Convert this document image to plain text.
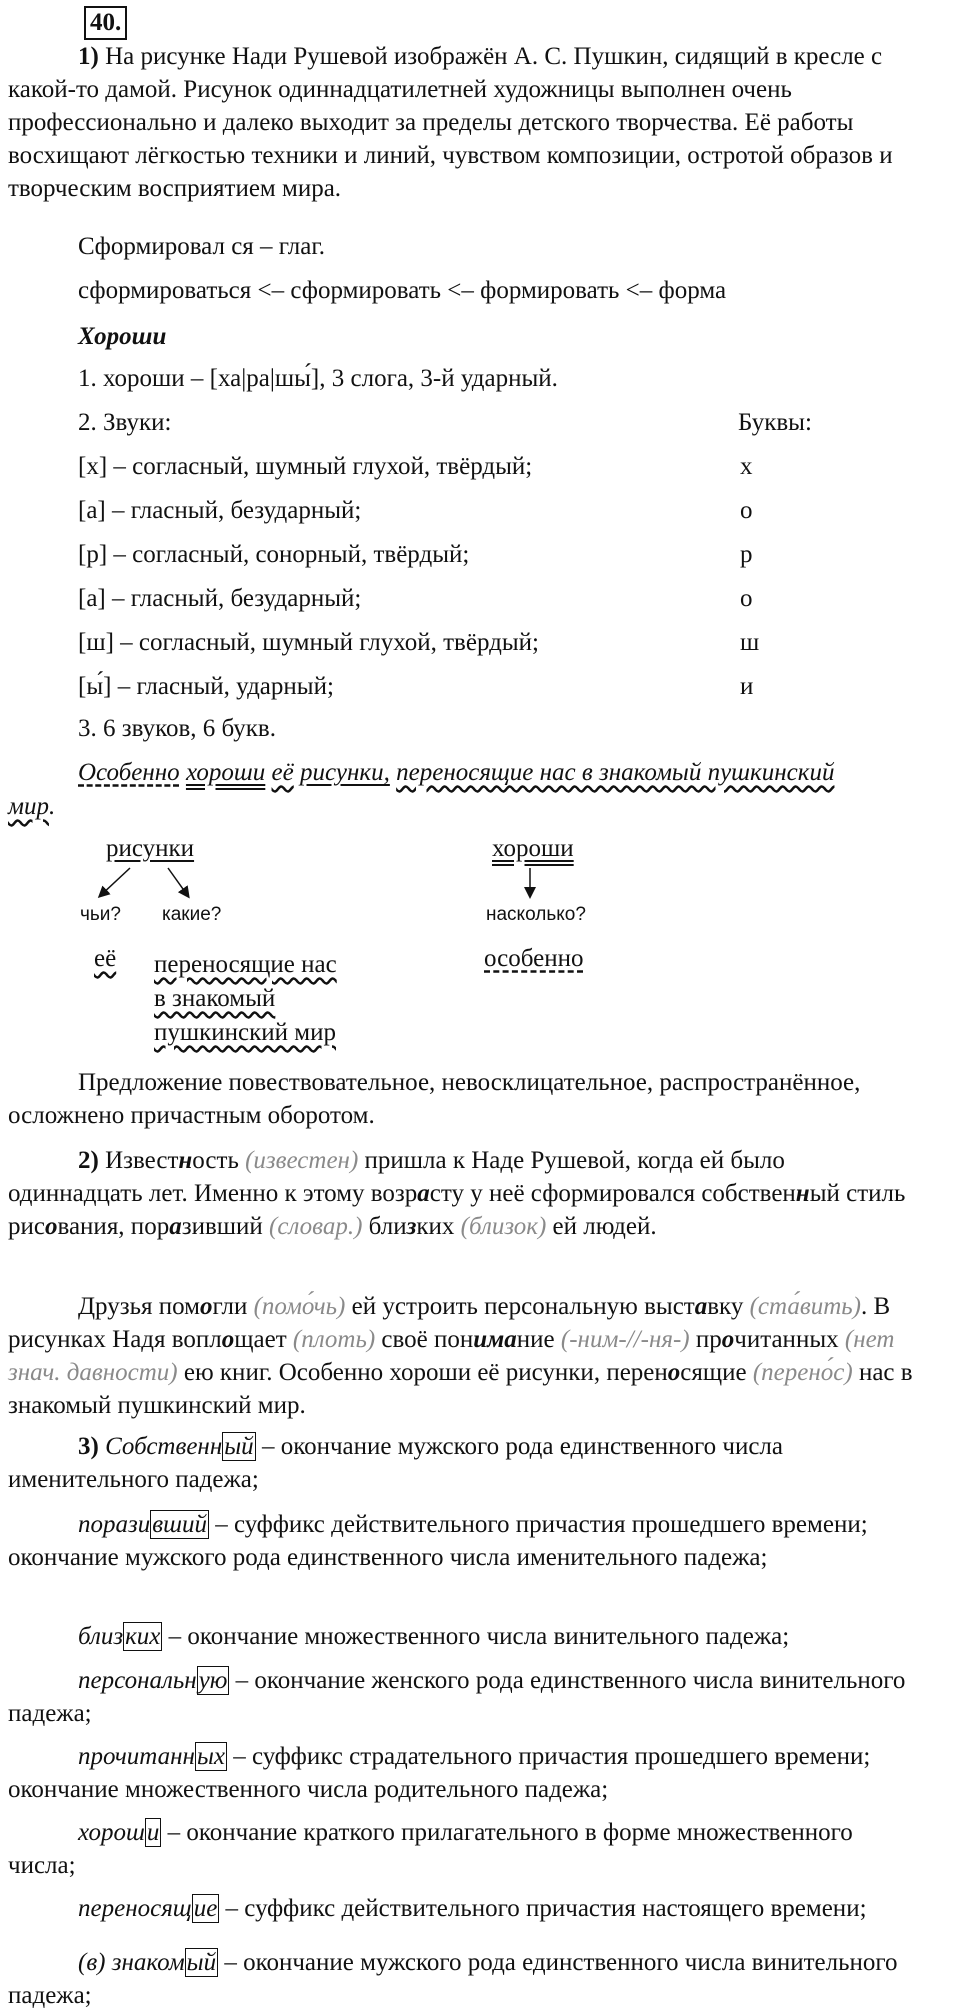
40.
1) На рисунке Нади Рушевой изображён А. С. Пушкин, сидящий в кресле с какой-то дамой. Рисунок одиннадцатилетней художницы выполнен очень профессионально и далеко выходит за пределы детского творчества. Её работы восхищают лёгкостью техники и линий, чувством композиции, остротой образов и творческим восприятием мира.
Сформировал ся – глаг.
сформироваться <– сформировать <– формировать <– форма
Хороши
1. хороши – [ха|ра|шы́], 3 слога, 3-й ударный.
2. Звуки:	Буквы:
[х] – согласный, шумный глухой, твёрдый;	х
[а] – гласный, безударный;	о
[р] – согласный, сонорный, твёрдый;	р
[а] – гласный, безударный;	о
[ш] – согласный, шумный глухой, твёрдый;	ш
[ы́] – гласный, ударный;	и
3. 6 звуков, 6 букв.
Особенно хороши её рисунки, переносящие нас в знакомый пушкинский
мир.
рисунки
чьи? какие?
её переносящие нас
в знакомый
пушкинский мир
хороши
насколько?
особенно
Предложение повествовательное, невосклицательное, распространённое, осложнено причастным оборотом.
2) Известность (известен) пришла к Наде Рушевой, когда ей было одиннадцать лет. Именно к этому возрасту у неё сформировался собственный стиль рисования, поразивший (словар.) близких (близок) ей людей.
Друзья помогли (помо́чь) ей устроить персональную выставку (ста́вить). В рисунках Надя воплощает (плоть) своё понимание (-ним-//-ня-) прочитанных (нет знач. давности) ею книг. Особенно хороши её рисунки, переносящие (перено́с) нас в знакомый пушкинский мир.
3) Собственный – окончание мужского рода единственного числа именительного падежа;
поразивший – суффикс действительного причастия прошедшего времени; окончание мужского рода единственного числа именительного падежа;
близких – окончание множественного числа винительного падежа;
персональную – окончание женского рода единственного числа винительного падежа;
прочитанных – суффикс страдательного причастия прошедшего времени; окончание множественного числа родительного падежа;
хороши – окончание краткого прилагательного в форме множественного числа;
переносящие – суффикс действительного причастия настоящего времени;
(в) знакомый – окончание мужского рода единственного числа винительного падежа;
